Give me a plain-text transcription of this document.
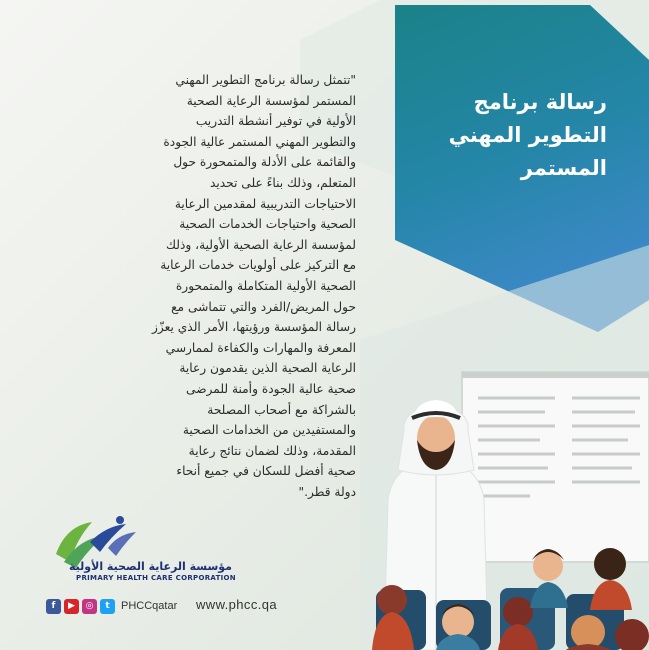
رسالة برنامج
التطوير المهني
المستمر
"تتمثل رسالة برنامج التطوير المهني
المستمر لمؤسسة الرعاية الصحية
الأولية في توفير أنشطة التدريب
والتطوير المهني المستمر عالية الجودة
والقائمة على الأدلة والمتمحورة حول
المتعلم، وذلك بناءً على تحديد
الاحتياجات التدريبية لمقدمين الرعاية
الصحية واحتياجات الخدمات الصحية
لمؤسسة الرعاية الصحية الأولية، وذلك
مع التركيز على أولويات خدمات الرعاية
الصحية الأولية المتكاملة والمتمحورة
حول المريض/الفرد والتي تتماشى مع
رسالة المؤسسة ورؤيتها، الأمر الذي يعزّز
المعرفة والمهارات والكفاءة لممارسي
الرعاية الصحية الذين يقدمون رعاية
صحية عالية الجودة وأمنة للمرضى
بالشراكة مع أصحاب المصلحة
والمستفيدين من الخدامات الصحية
المقدمة، وذلك لضمان نتائج رعاية
صحية أفضل للسكان في جميع أنحاء
دولة قطر."
مؤسسة الرعاية الصحية الأولية
PRIMARY HEALTH CARE CORPORATION
f	▶	◎	t	PHCCqatar www.phcc.qa
